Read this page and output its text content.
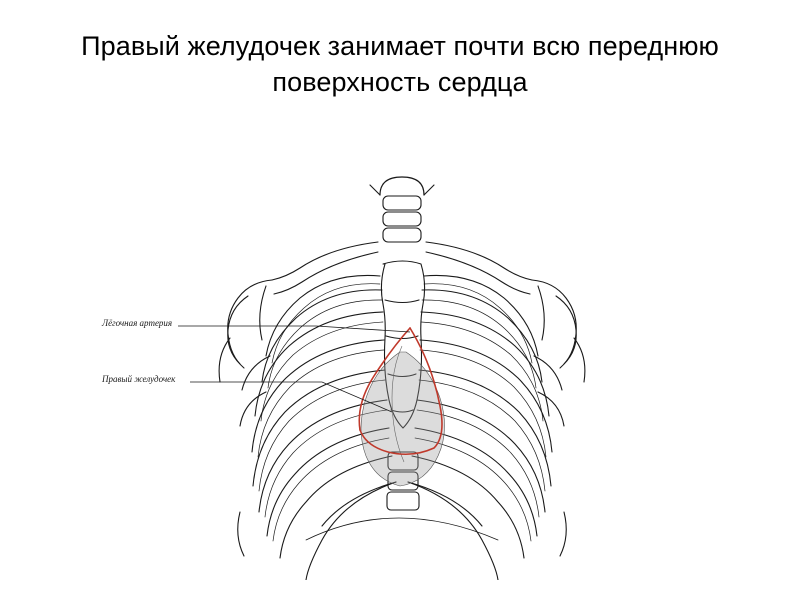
Правый желудочек занимает почти всю переднюю поверхность сердца
Лёгочная артерия
Правый желудочек
